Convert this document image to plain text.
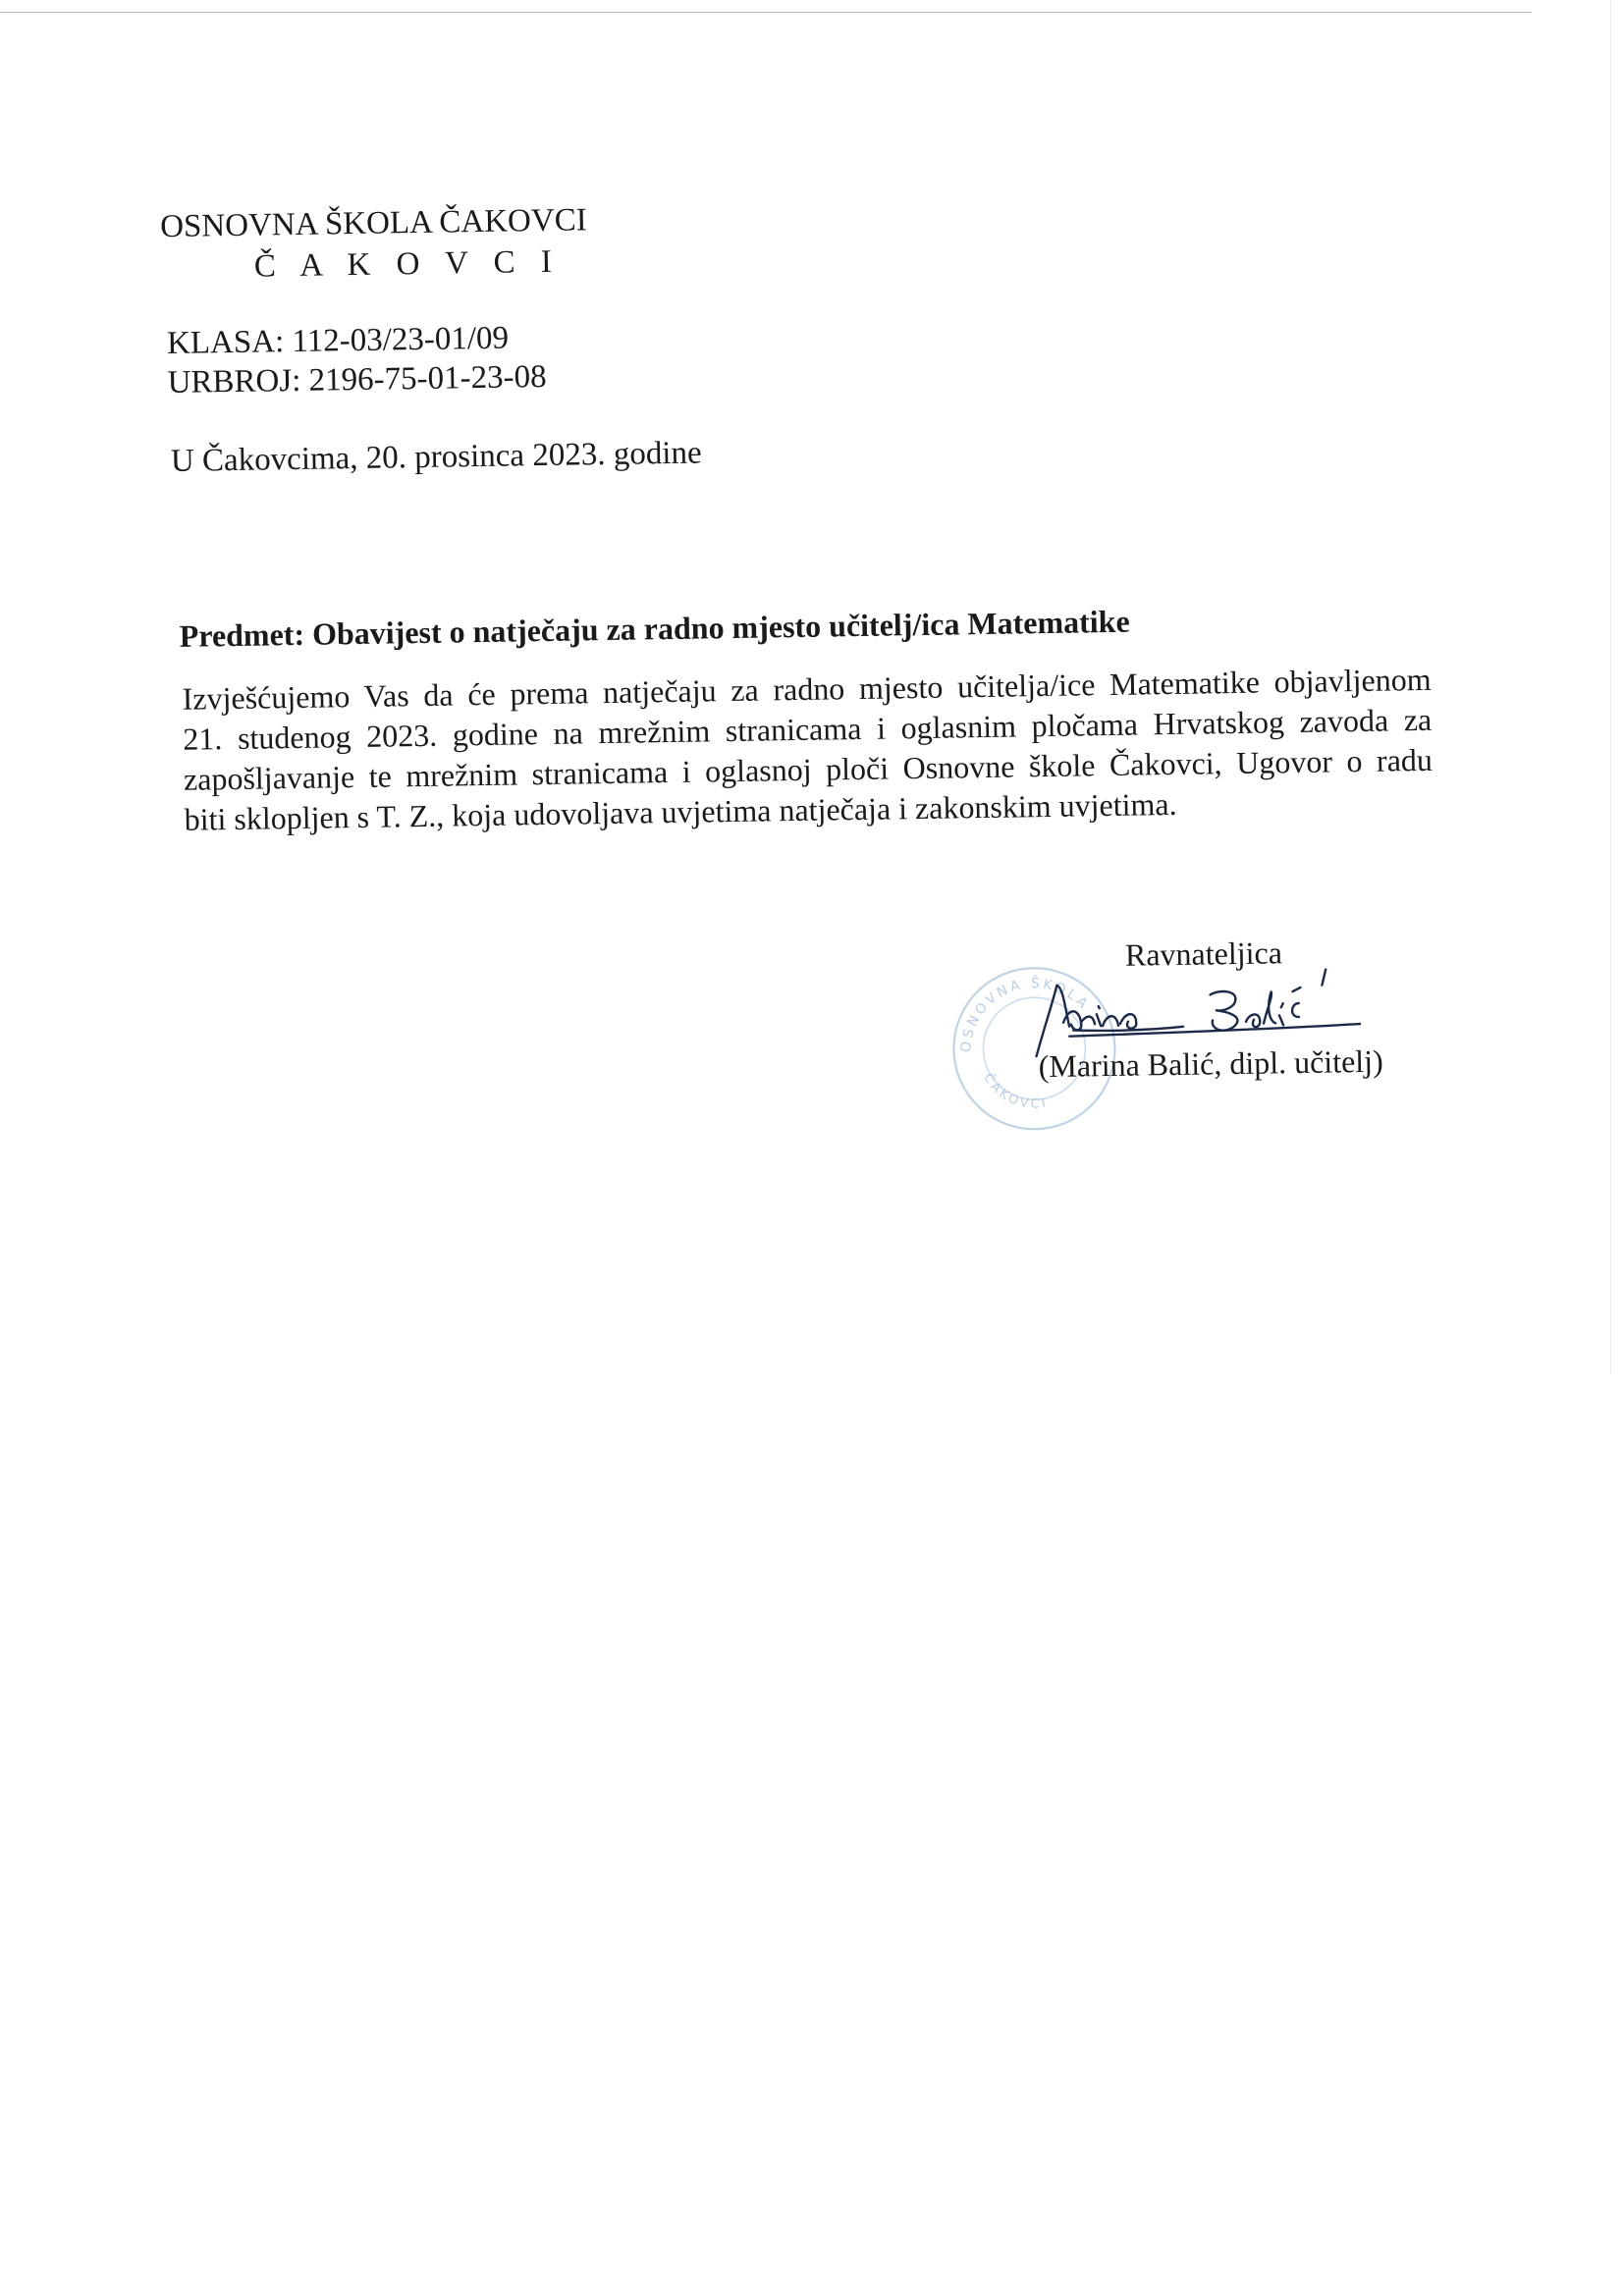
OSNOVNA ŠKOLA ČAKOVCI
Č A K O V C I
KLASA: 112-03/23-01/09
URBROJ: 2196-75-01-23-08
U Čakovcima, 20. prosinca 2023. godine
Predmet: Obavijest o natječaju za radno mjesto učitelj/ica Matematike
Izvješćujemo Vas da će prema natječaju za radno mjesto učitelja/ice Matematike objavljenom
21. studenog 2023. godine na mrežnim stranicama i oglasnim pločama Hrvatskog zavoda za
zapošljavanje te mrežnim stranicama i oglasnoj ploči Osnovne škole Čakovci, Ugovor o radu
biti sklopljen s T. Z., koja udovoljava uvjetima natječaja i zakonskim uvjetima.
Ravnateljica
OSNOVNA ŠKOLA
ČAKOVCI
(Marina Balić, dipl. učitelj)
